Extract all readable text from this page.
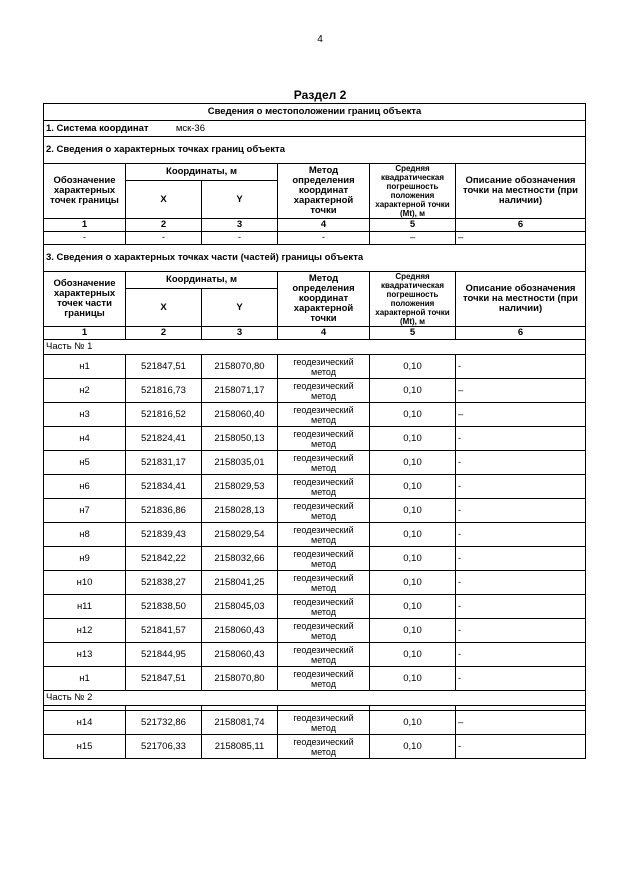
4
Раздел 2
Сведения о местоположении границ объекта					
1. Система координат мск-36					
2. Сведения о характерных точках границ объекта					
Обозначение характерных точек границы	Координаты, м		Метод определения координат характерной точки	Средняя квадратическая погрешность положения характерной точки (Mt), м	Описание обозначения точки на местности (при наличии)
	X	Y			
1	2	3	4	5	6
-	-	-	-	–	–
3. Сведения о характерных точках части (частей) границы объекта					
Обозначение характерных точек части границы	Координаты, м		Метод определения координат характерной точки	Средняя квадратическая погрешность положения характерной точки (Mt), м	Описание обозначения точки на местности (при наличии)
	X	Y			
1	2	3	4	5	6
Часть № 1					
н1	521847,51	2158070,80	геодезический метод	0,10	-
н2	521816,73	2158071,17	геодезический метод	0,10	–
н3	521816,52	2158060,40	геодезический метод	0,10	–
н4	521824,41	2158050,13	геодезический метод	0,10	-
н5	521831,17	2158035,01	геодезический метод	0,10	-
н6	521834,41	2158029,53	геодезический метод	0,10	-
н7	521836,86	2158028,13	геодезический метод	0,10	-
н8	521839,43	2158029,54	геодезический метод	0,10	-
н9	521842,22	2158032,66	геодезический метод	0,10	-
н10	521838,27	2158041,25	геодезический метод	0,10	-
н11	521838,50	2158045,03	геодезический метод	0,10	-
н12	521841,57	2158060,43	геодезический метод	0,10	-
н13	521844,95	2158060,43	геодезический метод	0,10	-
н1	521847,51	2158070,80	геодезический метод	0,10	-
Часть № 2					

н14	521732,86	2158081,74	геодезический метод	0,10	–
н15	521706,33	2158085,11	геодезический метод	0,10	-
